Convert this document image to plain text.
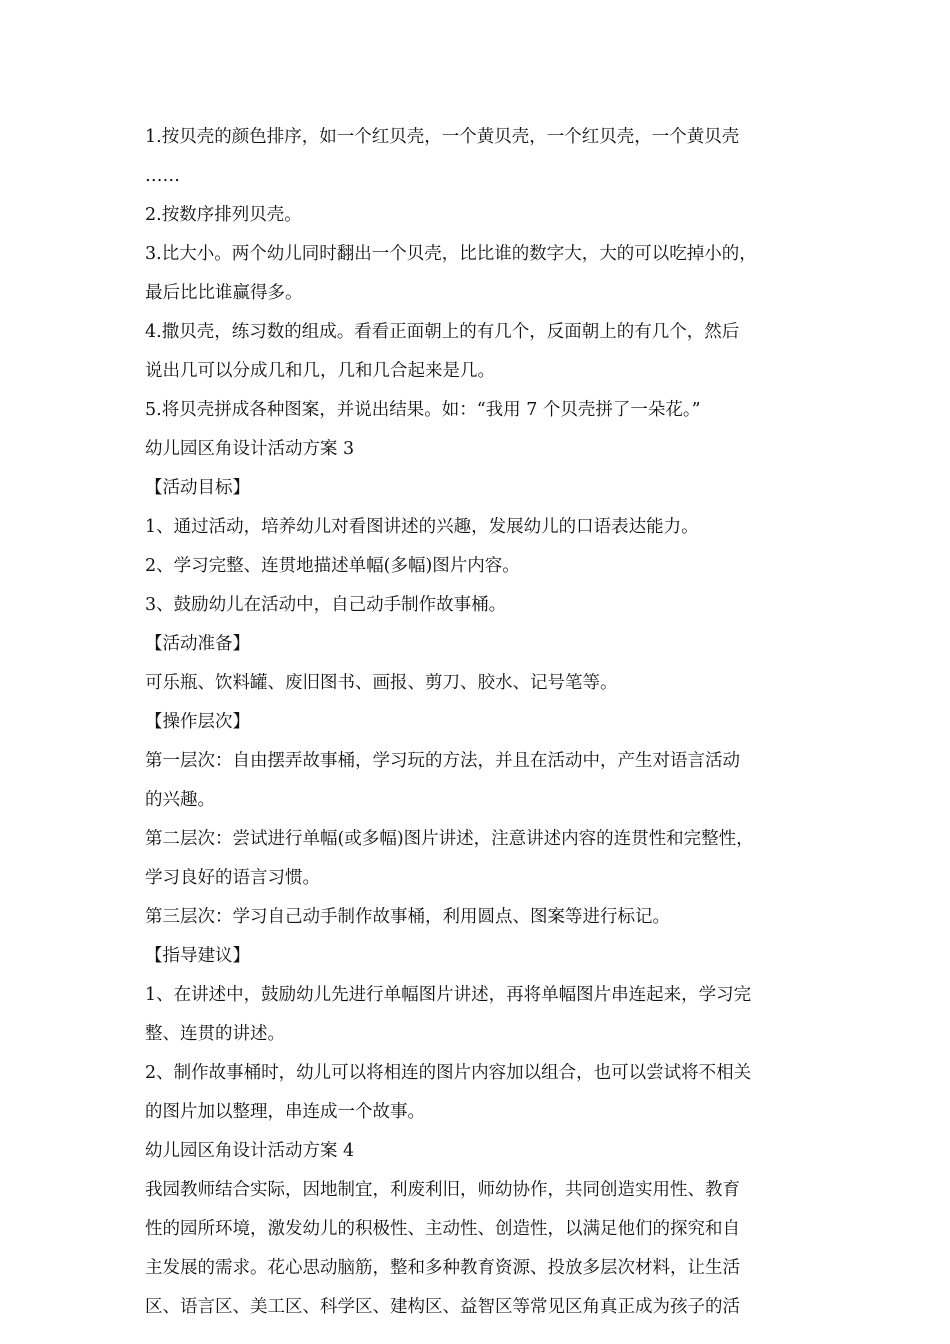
1.按贝壳的颜色排序，如一个红贝壳，一个黄贝壳，一个红贝壳，一个黄贝壳
……
2.按数序排列贝壳。
3.比大小。两个幼儿同时翻出一个贝壳，比比谁的数字大，大的可以吃掉小的，
最后比比谁赢得多。
4.撒贝壳，练习数的组成。看看正面朝上的有几个，反面朝上的有几个，然后
说出几可以分成几和几，几和几合起来是几。
5.将贝壳拼成各种图案，并说出结果。如：“我用 7 个贝壳拼了一朵花。”
幼儿园区角设计活动方案 3
【活动目标】
1、通过活动，培养幼儿对看图讲述的兴趣，发展幼儿的口语表达能力。
2、学习完整、连贯地描述单幅(多幅)图片内容。
3、鼓励幼儿在活动中，自己动手制作故事桶。
【活动准备】
可乐瓶、饮料罐、废旧图书、画报、剪刀、胶水、记号笔等。
【操作层次】
第一层次：自由摆弄故事桶，学习玩的方法，并且在活动中，产生对语言活动
的兴趣。
第二层次：尝试进行单幅(或多幅)图片讲述，注意讲述内容的连贯性和完整性，
学习良好的语言习惯。
第三层次：学习自己动手制作故事桶，利用圆点、图案等进行标记。
【指导建议】
1、在讲述中，鼓励幼儿先进行单幅图片讲述，再将单幅图片串连起来，学习完
整、连贯的讲述。
2、制作故事桶时，幼儿可以将相连的图片内容加以组合，也可以尝试将不相关
的图片加以整理，串连成一个故事。
幼儿园区角设计活动方案 4
我园教师结合实际，因地制宜，利废利旧，师幼协作，共同创造实用性、教育
性的园所环境，激发幼儿的积极性、主动性、创造性，以满足他们的探究和自
主发展的需求。花心思动脑筋，整和多种教育资源、投放多层次材料，让生活
区、语言区、美工区、科学区、建构区、益智区等常见区角真正成为孩子的活
